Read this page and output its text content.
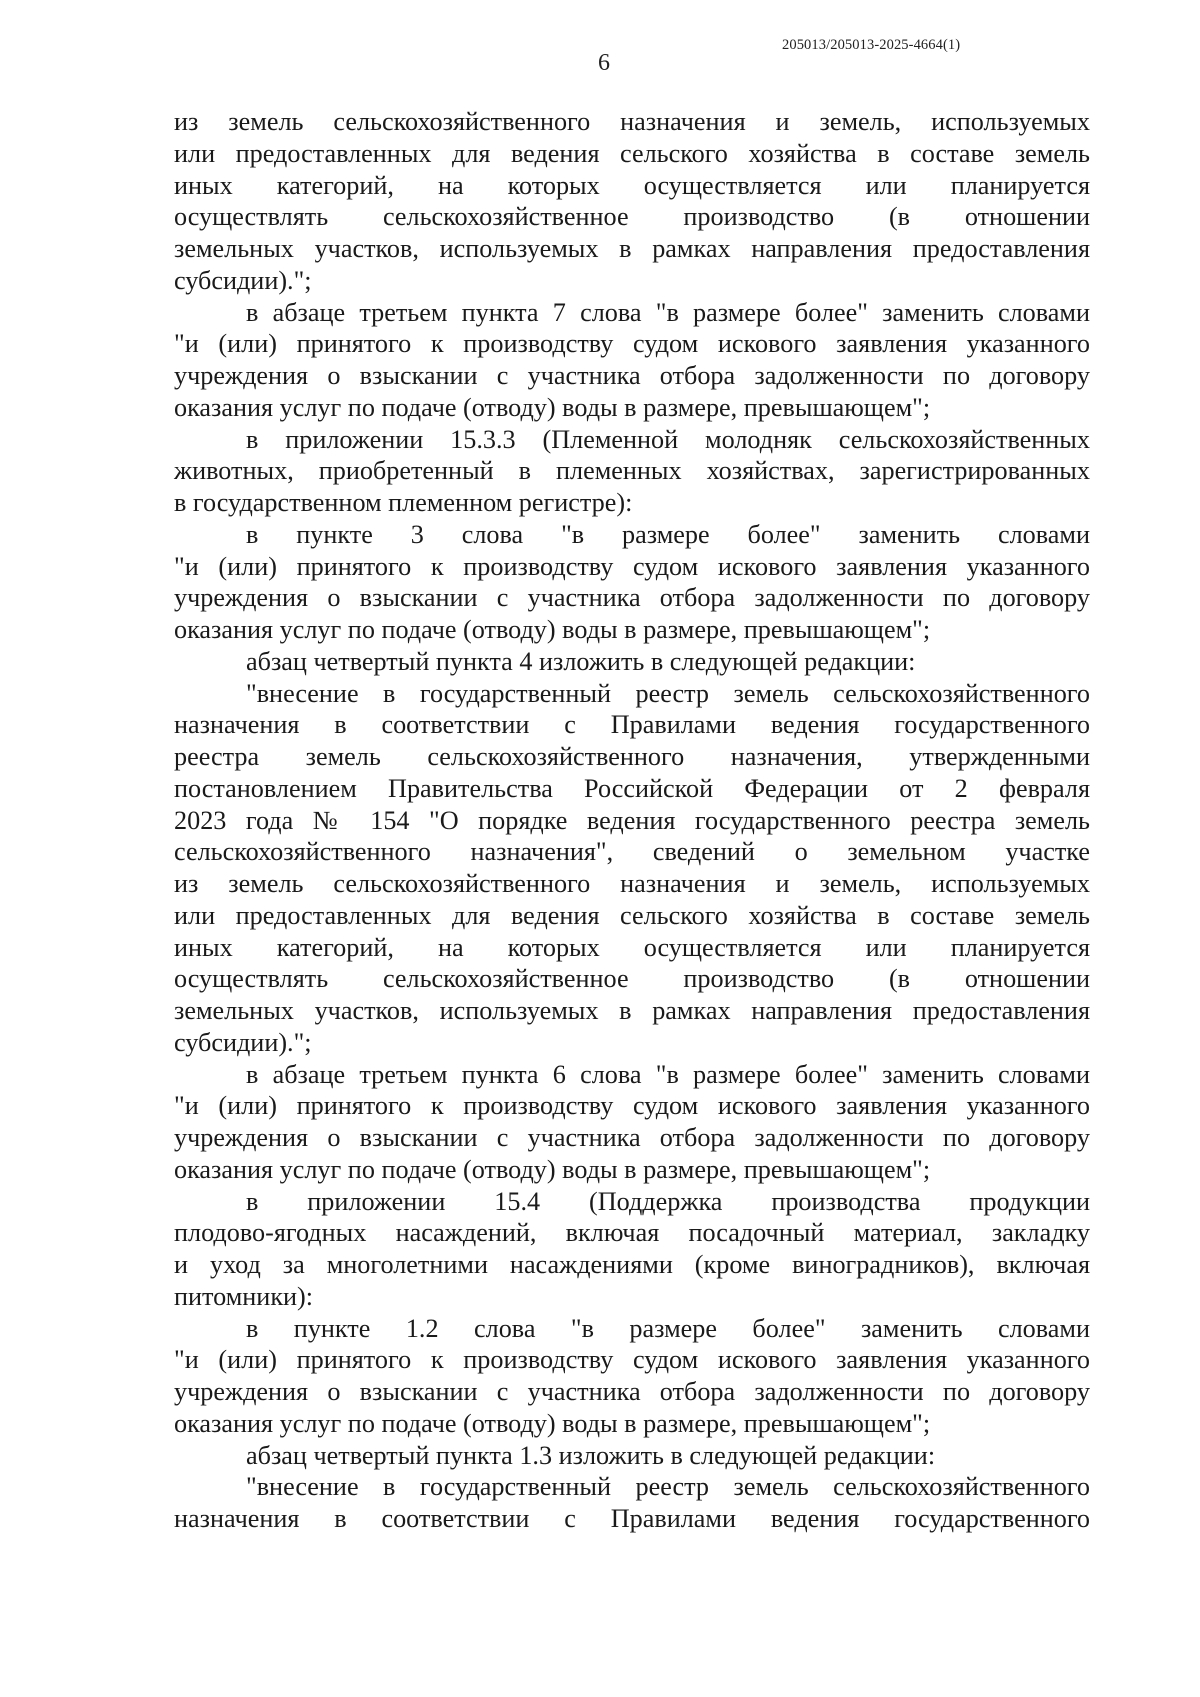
205013/205013-2025-4664(1)
6
из земель сельскохозяйственного назначения и земель, используемых
или предоставленных для ведения сельского хозяйства в составе земель
иных категорий, на которых осуществляется или планируется
осуществлять сельскохозяйственное производство (в отношении
земельных участков, используемых в рамках направления предоставления
субсидии).";
в абзаце третьем пункта 7 слова "в размере более" заменить словами
"и (или) принятого к производству судом искового заявления указанного
учреждения о взыскании с участника отбора задолженности по договору
оказания услуг по подаче (отводу) воды в размере, превышающем";
в приложении 15.3.3 (Племенной молодняк сельскохозяйственных
животных, приобретенный в племенных хозяйствах, зарегистрированных
в государственном племенном регистре):
в пункте 3 слова "в размере более" заменить словами
"и (или) принятого к производству судом искового заявления указанного
учреждения о взыскании с участника отбора задолженности по договору
оказания услуг по подаче (отводу) воды в размере, превышающем";
абзац четвертый пункта 4 изложить в следующей редакции:
"внесение в государственный реестр земель сельскохозяйственного
назначения в соответствии с Правилами ведения государственного
реестра земель сельскохозяйственного назначения, утвержденными
постановлением Правительства Российской Федерации от 2 февраля
2023 года № 154 "О порядке ведения государственного реестра земель
сельскохозяйственного назначения", сведений о земельном участке
из земель сельскохозяйственного назначения и земель, используемых
или предоставленных для ведения сельского хозяйства в составе земель
иных категорий, на которых осуществляется или планируется
осуществлять сельскохозяйственное производство (в отношении
земельных участков, используемых в рамках направления предоставления
субсидии).";
в абзаце третьем пункта 6 слова "в размере более" заменить словами
"и (или) принятого к производству судом искового заявления указанного
учреждения о взыскании с участника отбора задолженности по договору
оказания услуг по подаче (отводу) воды в размере, превышающем";
в приложении 15.4 (Поддержка производства продукции
плодово-ягодных насаждений, включая посадочный материал, закладку
и уход за многолетними насаждениями (кроме виноградников), включая
питомники):
в пункте 1.2 слова "в размере более" заменить словами
"и (или) принятого к производству судом искового заявления указанного
учреждения о взыскании с участника отбора задолженности по договору
оказания услуг по подаче (отводу) воды в размере, превышающем";
абзац четвертый пункта 1.3 изложить в следующей редакции:
"внесение в государственный реестр земель сельскохозяйственного
назначения в соответствии с Правилами ведения государственного
